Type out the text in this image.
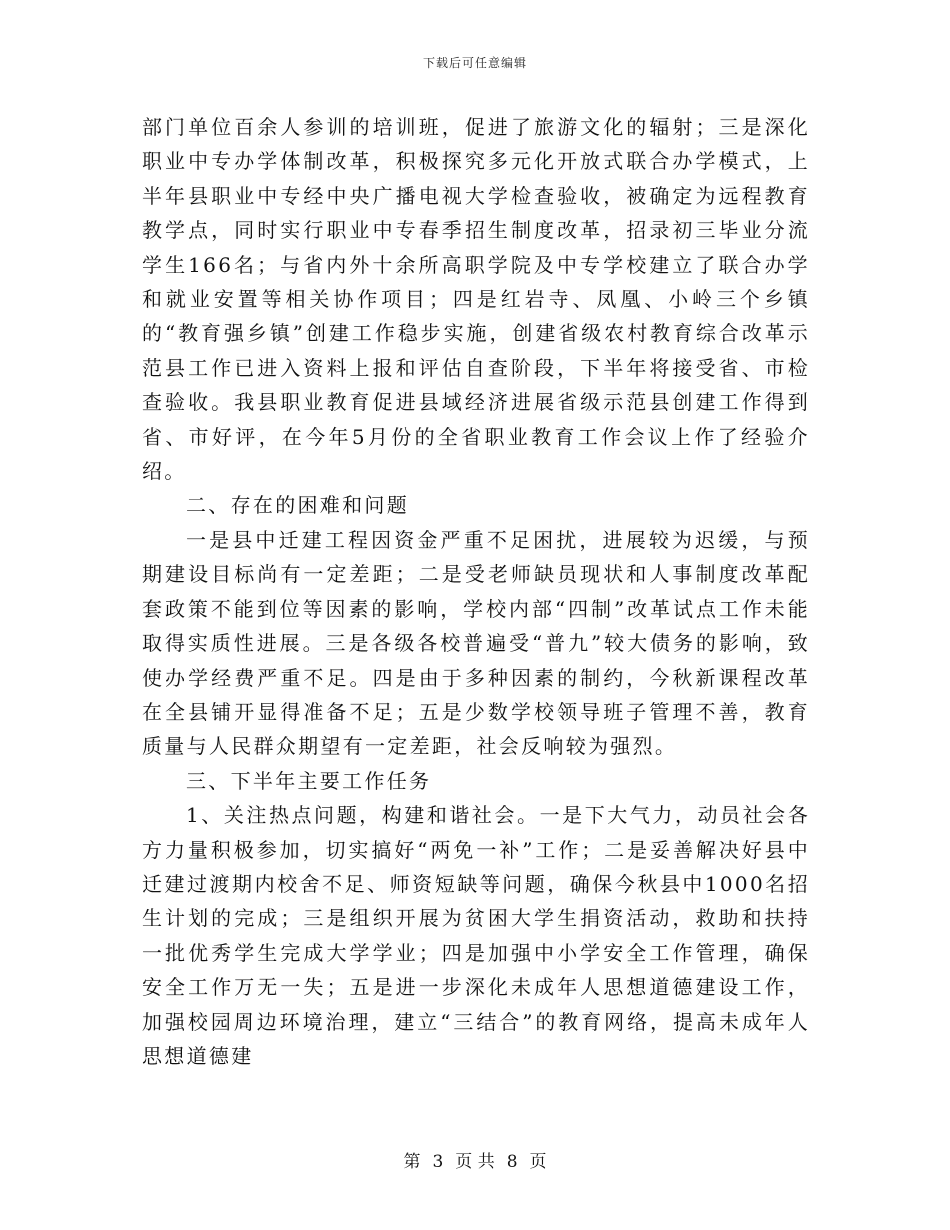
下载后可任意编辑

部门单位百余人参训的培训班，促进了旅游文化的辐射；三是深化职业中专办学体制改革，积极探究多元化开放式联合办学模式，上半年县职业中专经中央广播电视大学检查验收，被确定为远程教育教学点，同时实行职业中专春季招生制度改革，招录初三毕业分流学生166名；与省内外十余所高职学院及中专学校建立了联合办学和就业安置等相关协作项目；四是红岩寺、凤凰、小岭三个乡镇的“教育强乡镇”创建工作稳步实施，创建省级农村教育综合改革示范县工作已进入资料上报和评估自查阶段，下半年将接受省、市检查验收。我县职业教育促进县域经济进展省级示范县创建工作得到省、市好评，在今年5月份的全省职业教育工作会议上作了经验介绍。

二、存在的困难和问题

一是县中迁建工程因资金严重不足困扰，进展较为迟缓，与预期建设目标尚有一定差距；二是受老师缺员现状和人事制度改革配套政策不能到位等因素的影响，学校内部“四制”改革试点工作未能取得实质性进展。三是各级各校普遍受“普九”较大债务的影响，致使办学经费严重不足。四是由于多种因素的制约，今秋新课程改革在全县铺开显得准备不足；五是少数学校领导班子管理不善，教育质量与人民群众期望有一定差距，社会反响较为强烈。

三、下半年主要工作任务

1、关注热点问题，构建和谐社会。一是下大气力，动员社会各方力量积极参加，切实搞好“两免一补”工作；二是妥善解决好县中迁建过渡期内校舍不足、师资短缺等问题，确保今秋县中1000名招生计划的完成；三是组织开展为贫困大学生捐资活动，救助和扶持一批优秀学生完成大学学业；四是加强中小学安全工作管理，确保安全工作万无一失；五是进一步深化未成年人思想道德建设工作，加强校园周边环境治理，建立“三结合”的教育网络，提高未成年人思想道德建

第 3 页 共 8 页
